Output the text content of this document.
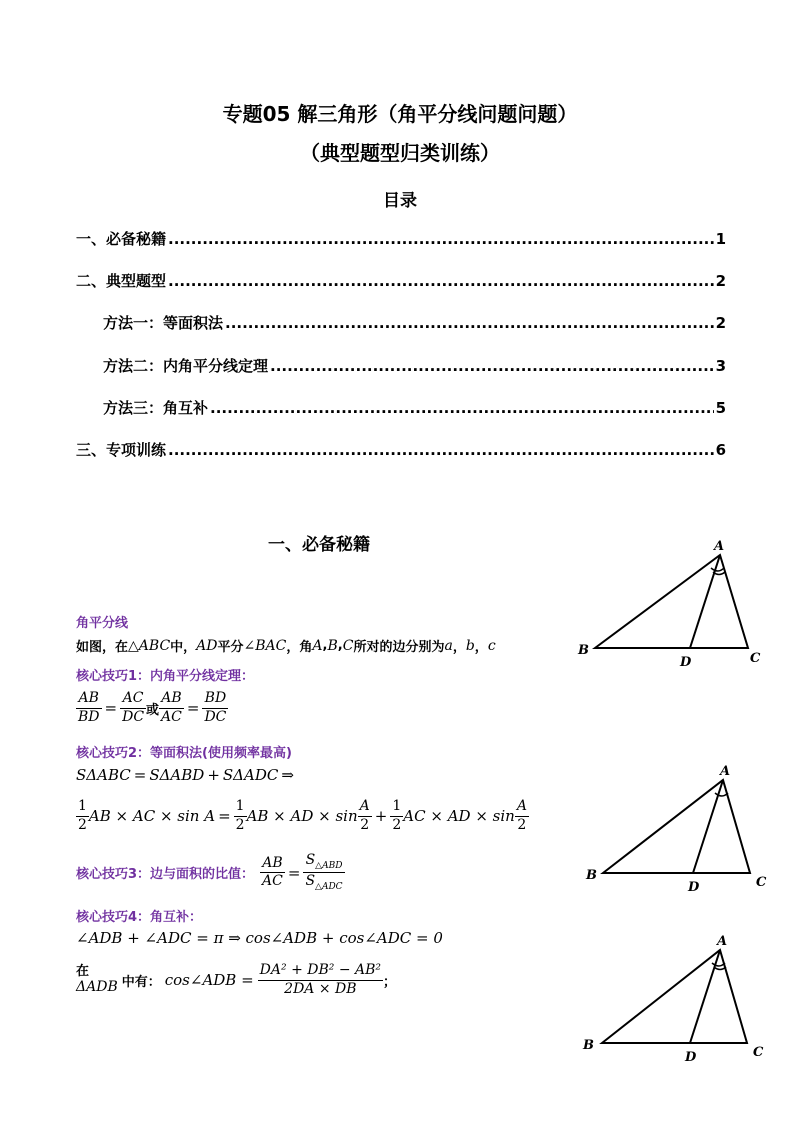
专题05 解三角形（角平分线问题问题）
（典型题型归类训练）
目录
一、必备秘籍 .....	1
二、典型题型 .....	2
方法一：等面积法 .....	2
方法二：内角平分线定理 .....	3
方法三：角互补 .....	5
三、专项训练 .....	6
一、必备秘籍
角平分线
如图，在 △ABC 中， AD 平分 ∠BAC ，角 A , B , C 所对的边分别为 a ， b ， c
核心技巧1：内角平分线定理：
$\frac{AB}{BD} = \frac{AC}{DC}$ 或 $\frac{AB}{AC} = \frac{BD}{DC}$
核心技巧2：等面积法(使用频率最高)
S ΔABC = S ΔABD + S ΔADC ⇒
$\frac{1}{2}$ AB × AC × $\sin A = \frac{1}{2}$ AB × AD × $\sin \frac{A}{2} + \frac{1}{2}$ AC × AD × $\sin \frac{A}{2}$
核心技巧3：边与面积的比值： $\frac{AB}{AC} = \frac{S_{\triangle ABD}}{S_{\triangle ADC}}$
核心技巧4：角互补：
∠ADB + ∠ADC = π ⇒ cos∠ADB + cos∠ADC = 0
在
ΔADB 中有： cos∠ADB = $\frac{\text{DA² + DB² − AB²}}{2DA \times DB}$ ；
A
B
C
D
A
B	C
D
A
B	C
D
